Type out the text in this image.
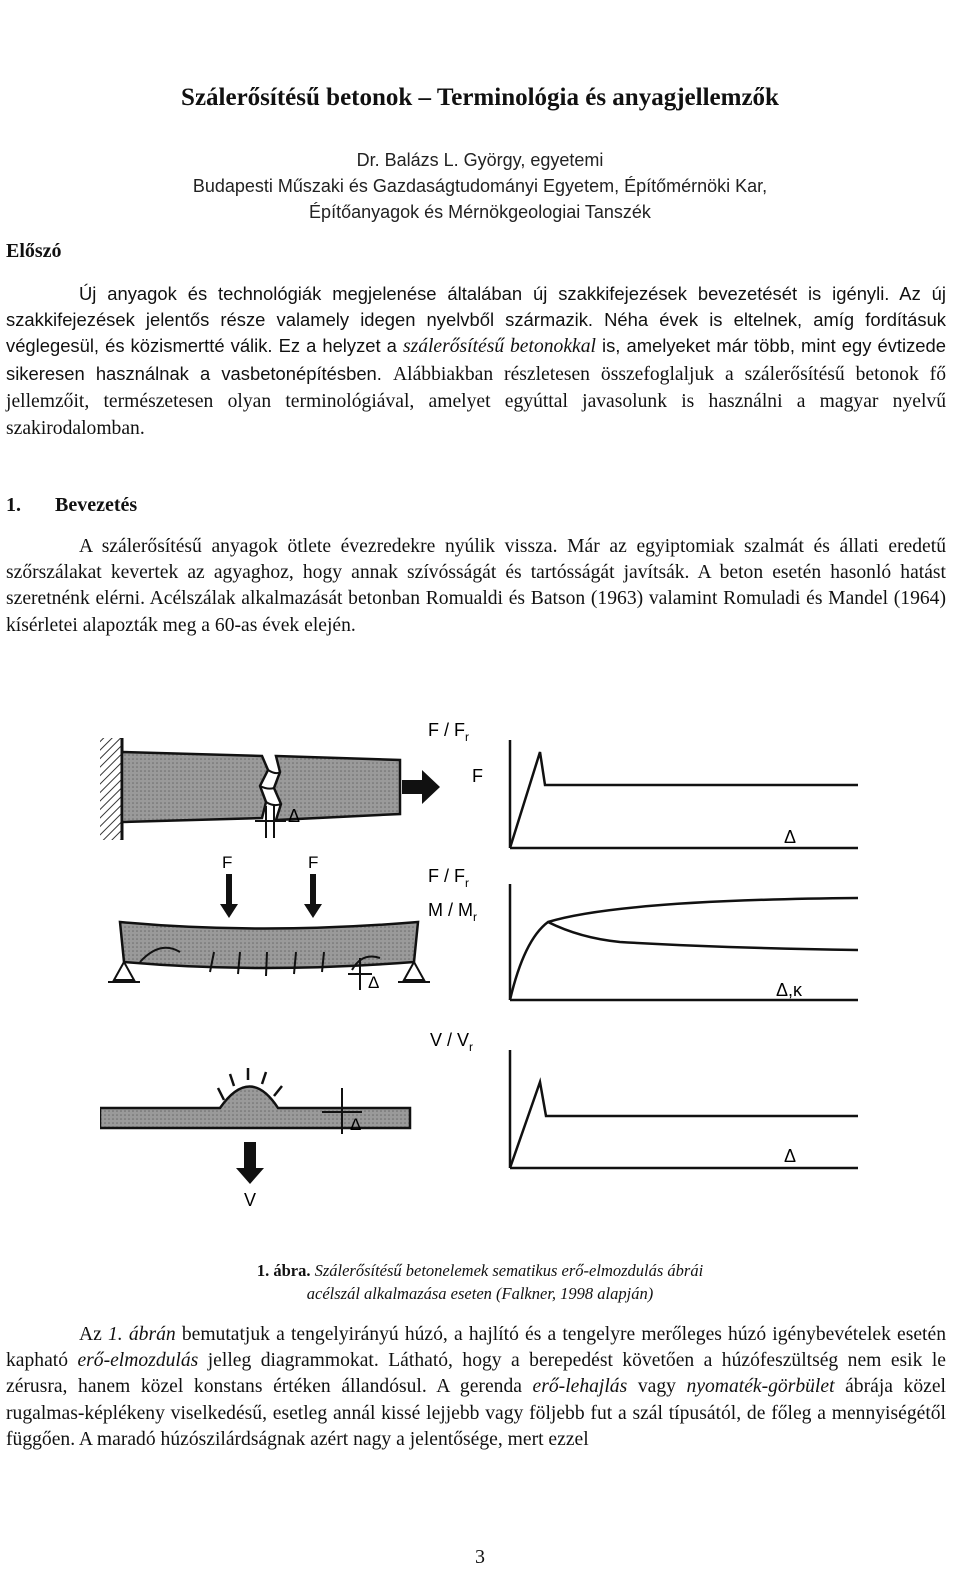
Szálerősítésű betonok – Terminológia és anyagjellemzők
Dr. Balázs L. György, egyetemi
Budapesti Műszaki és Gazdaságtudományi Egyetem, Építőmérnöki Kar,
Építőanyagok és Mérnökgeologiai Tanszék
Előszó

Új anyagok és technológiák megjelenése általában új szakkifejezések bevezetését is igényli. Az új szakkifejezések jelentős része valamely idegen nyelvből származik. Néha évek is eltelnek, amíg fordításuk véglegesül, és közismertté válik. Ez a helyzet a szálerősítésű betonokkal is, amelyeket már több, mint egy évtizede sikeresen használnak a vasbetonépítésben. Alábbiakban részletesen összefoglaljuk a szálerősítésű betonok fő jellemzőit, természetesen olyan terminológiával, amelyet egyúttal javasolunk is használni a magyar nyelvű szakirodalomban.

1. Bevezetés

A szálerősítésű anyagok ötlete évezredekre nyúlik vissza. Már az egyiptomiak szalmát és állati eredetű szőrszálakat kevertek az agyaghoz, hogy annak szívósságát és tartósságát javítsák. A beton esetén hasonló hatást szeretnénk elérni. Acélszálak alkalmazását betonban Romualdi és Batson (1963) valamint Romuladi és Mandel (1964) kísérletei alapozták meg a 60-as évek elején.

Δ
F / $F_r$
F
Δ
F	F
Δ
F / $F_r$
M / $M_r$
Δ,κ
Δ
V
V / $V_r$
Δ
1. ábra. Szálerősítésű betonelemek sematikus erő-elmozdulás ábrái
acélszál alkalmazása eseten (Falkner, 1998 alapján)

Az 1. ábrán bemutatjuk a tengelyirányú húzó, a hajlító és a tengelyre merőleges húzó igénybevételek esetén kapható erő-elmozdulás jelleg diagrammokat. Látható, hogy a berepedést követően a húzófeszültség nem esik le zérusra, hanem közel konstans értéken állandósul. A gerenda erő-lehajlás vagy nyomaték-görbület ábrája közel rugalmas-képlékeny viselkedésű, esetleg annál kissé lejjebb vagy följebb fut a szál típusától, de főleg a mennyiségétől függően. A maradó húzószilárdságnak azért nagy a jelentősége, mert ezzel

3
